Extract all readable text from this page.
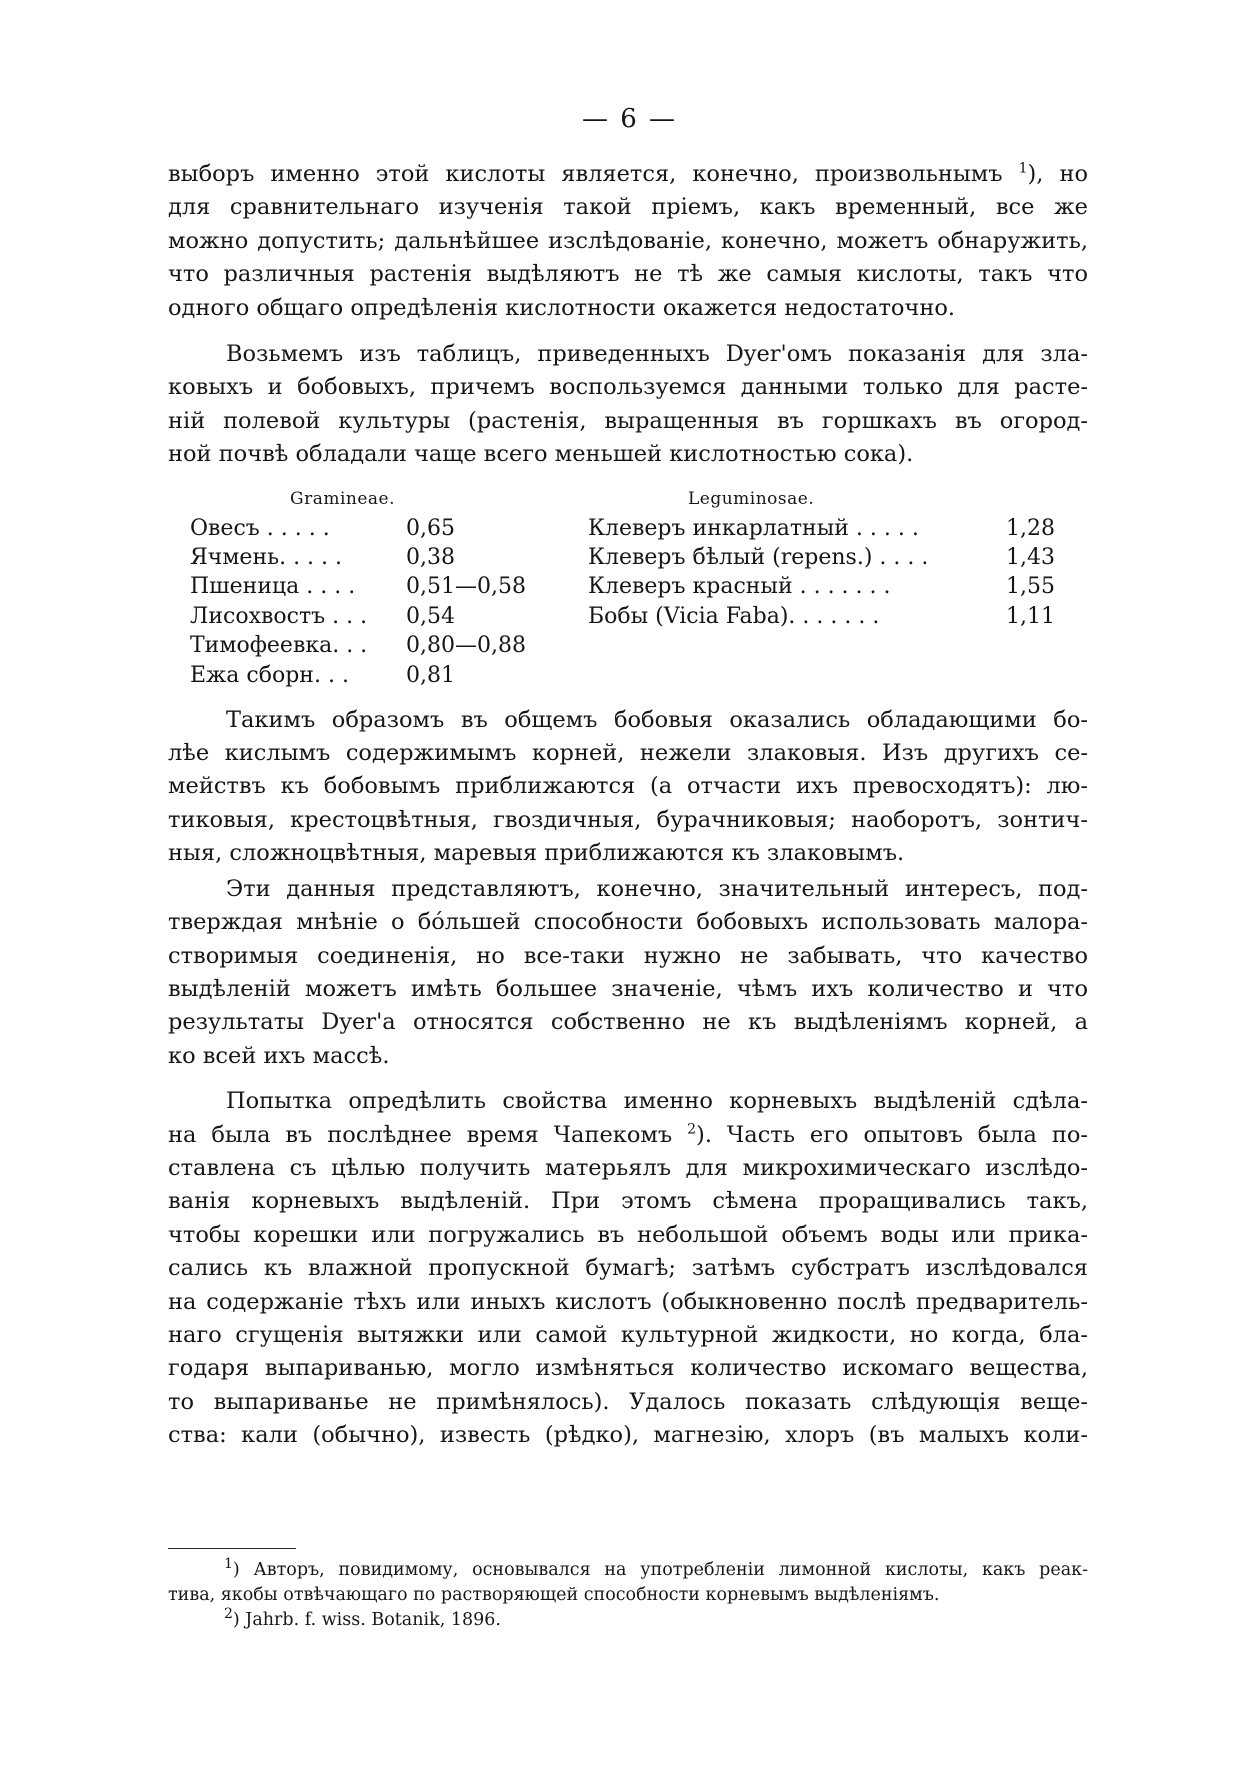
— 6 —
выборъ именно этой кислоты является, конечно, произвольнымъ $^1$), но
для сравнительнаго изученія такой пріемъ, какъ временный, все же
можно допустить; дальнѣйшее изслѣдованіе, конечно, можетъ обнаружить,
что различныя растенія выдѣляютъ не тѣ же самыя кислоты, такъ что
одного общаго опредѣленія кислотности окажется недостаточно.
Возьмемъ изъ таблицъ, приведенныхъ Dyer'омъ показанія для зла-
ковыхъ и бобовыхъ, причемъ воспользуемся данными только для расте-
ній полевой культуры (растенія, выращенныя въ горшкахъ въ огород-
ной почвѣ обладали чаще всего меньшей кислотностью сока).
Gramineae.
Овесъ . . . . .	0,65
Ячмень. . . . .	0,38
Пшеница . . . .	0,51—0,58
Лисохвостъ . . .	0,54
Тимофеевка. . .	0,80—0,88
Ежа сборн. . .	0,81
Leguminosae.
Клеверъ инкарлатный . . . . .	1,28
Клеверъ бѣлый (repens.) . . . .	1,43
Клеверъ красный . . . . . . .	1,55
Бобы (Vicia Faba). . . . . . .	1,11
Такимъ образомъ въ общемъ бобовыя оказались обладающими бо-
лѣе кислымъ содержимымъ корней, нежели злаковыя. Изъ другихъ се-
мействъ къ бобовымъ приближаются (а отчасти ихъ превосходятъ): лю-
тиковыя, крестоцвѣтныя, гвоздичныя, бурачниковыя; наоборотъ, зонтич-
ныя, сложноцвѣтныя, маревыя приближаются къ злаковымъ.
Эти данныя представляютъ, конечно, значительный интересъ, под-
тверждая мнѣніе о бóльшей способности бобовыхъ использовать малора-
створимыя соединенія, но все-таки нужно не забывать, что качество
выдѣленій можетъ имѣть большее значеніе, чѣмъ ихъ количество и что
результаты Dyer'a относятся собственно не къ выдѣленіямъ корней, а
ко всей ихъ массѣ.
Попытка опредѣлить свойства именно корневыхъ выдѣленій сдѣла-
на была въ послѣднее время Чапекомъ $^2$). Часть его опытовъ была по-
ставлена съ цѣлью получить матерьялъ для микрохимическаго изслѣдо-
ванія корневыхъ выдѣленій. При этомъ сѣмена проращивались такъ,
чтобы корешки или погружались въ небольшой объемъ воды или прика-
сались къ влажной пропускной бумагѣ; затѣмъ субстратъ изслѣдовался
на содержаніе тѣхъ или иныхъ кислотъ (обыкновенно послѣ предваритель-
наго сгущенія вытяжки или самой культурной жидкости, но когда, бла-
годаря выпариванью, могло измѣняться количество искомаго вещества,
то выпариванье не примѣнялось). Удалось показать слѣдующія веще-
ства: кали (обычно), известь (рѣдко), магнезію, хлоръ (въ малыхъ коли-
$^1$) Авторъ, повидимому, основывался на употребленіи лимонной кислоты, какъ реак-
тива, якобы отвѣчающаго по растворяющей способности корневымъ выдѣленіямъ.
$^2$) Jahrb. f. wiss. Botanik, 1896.
